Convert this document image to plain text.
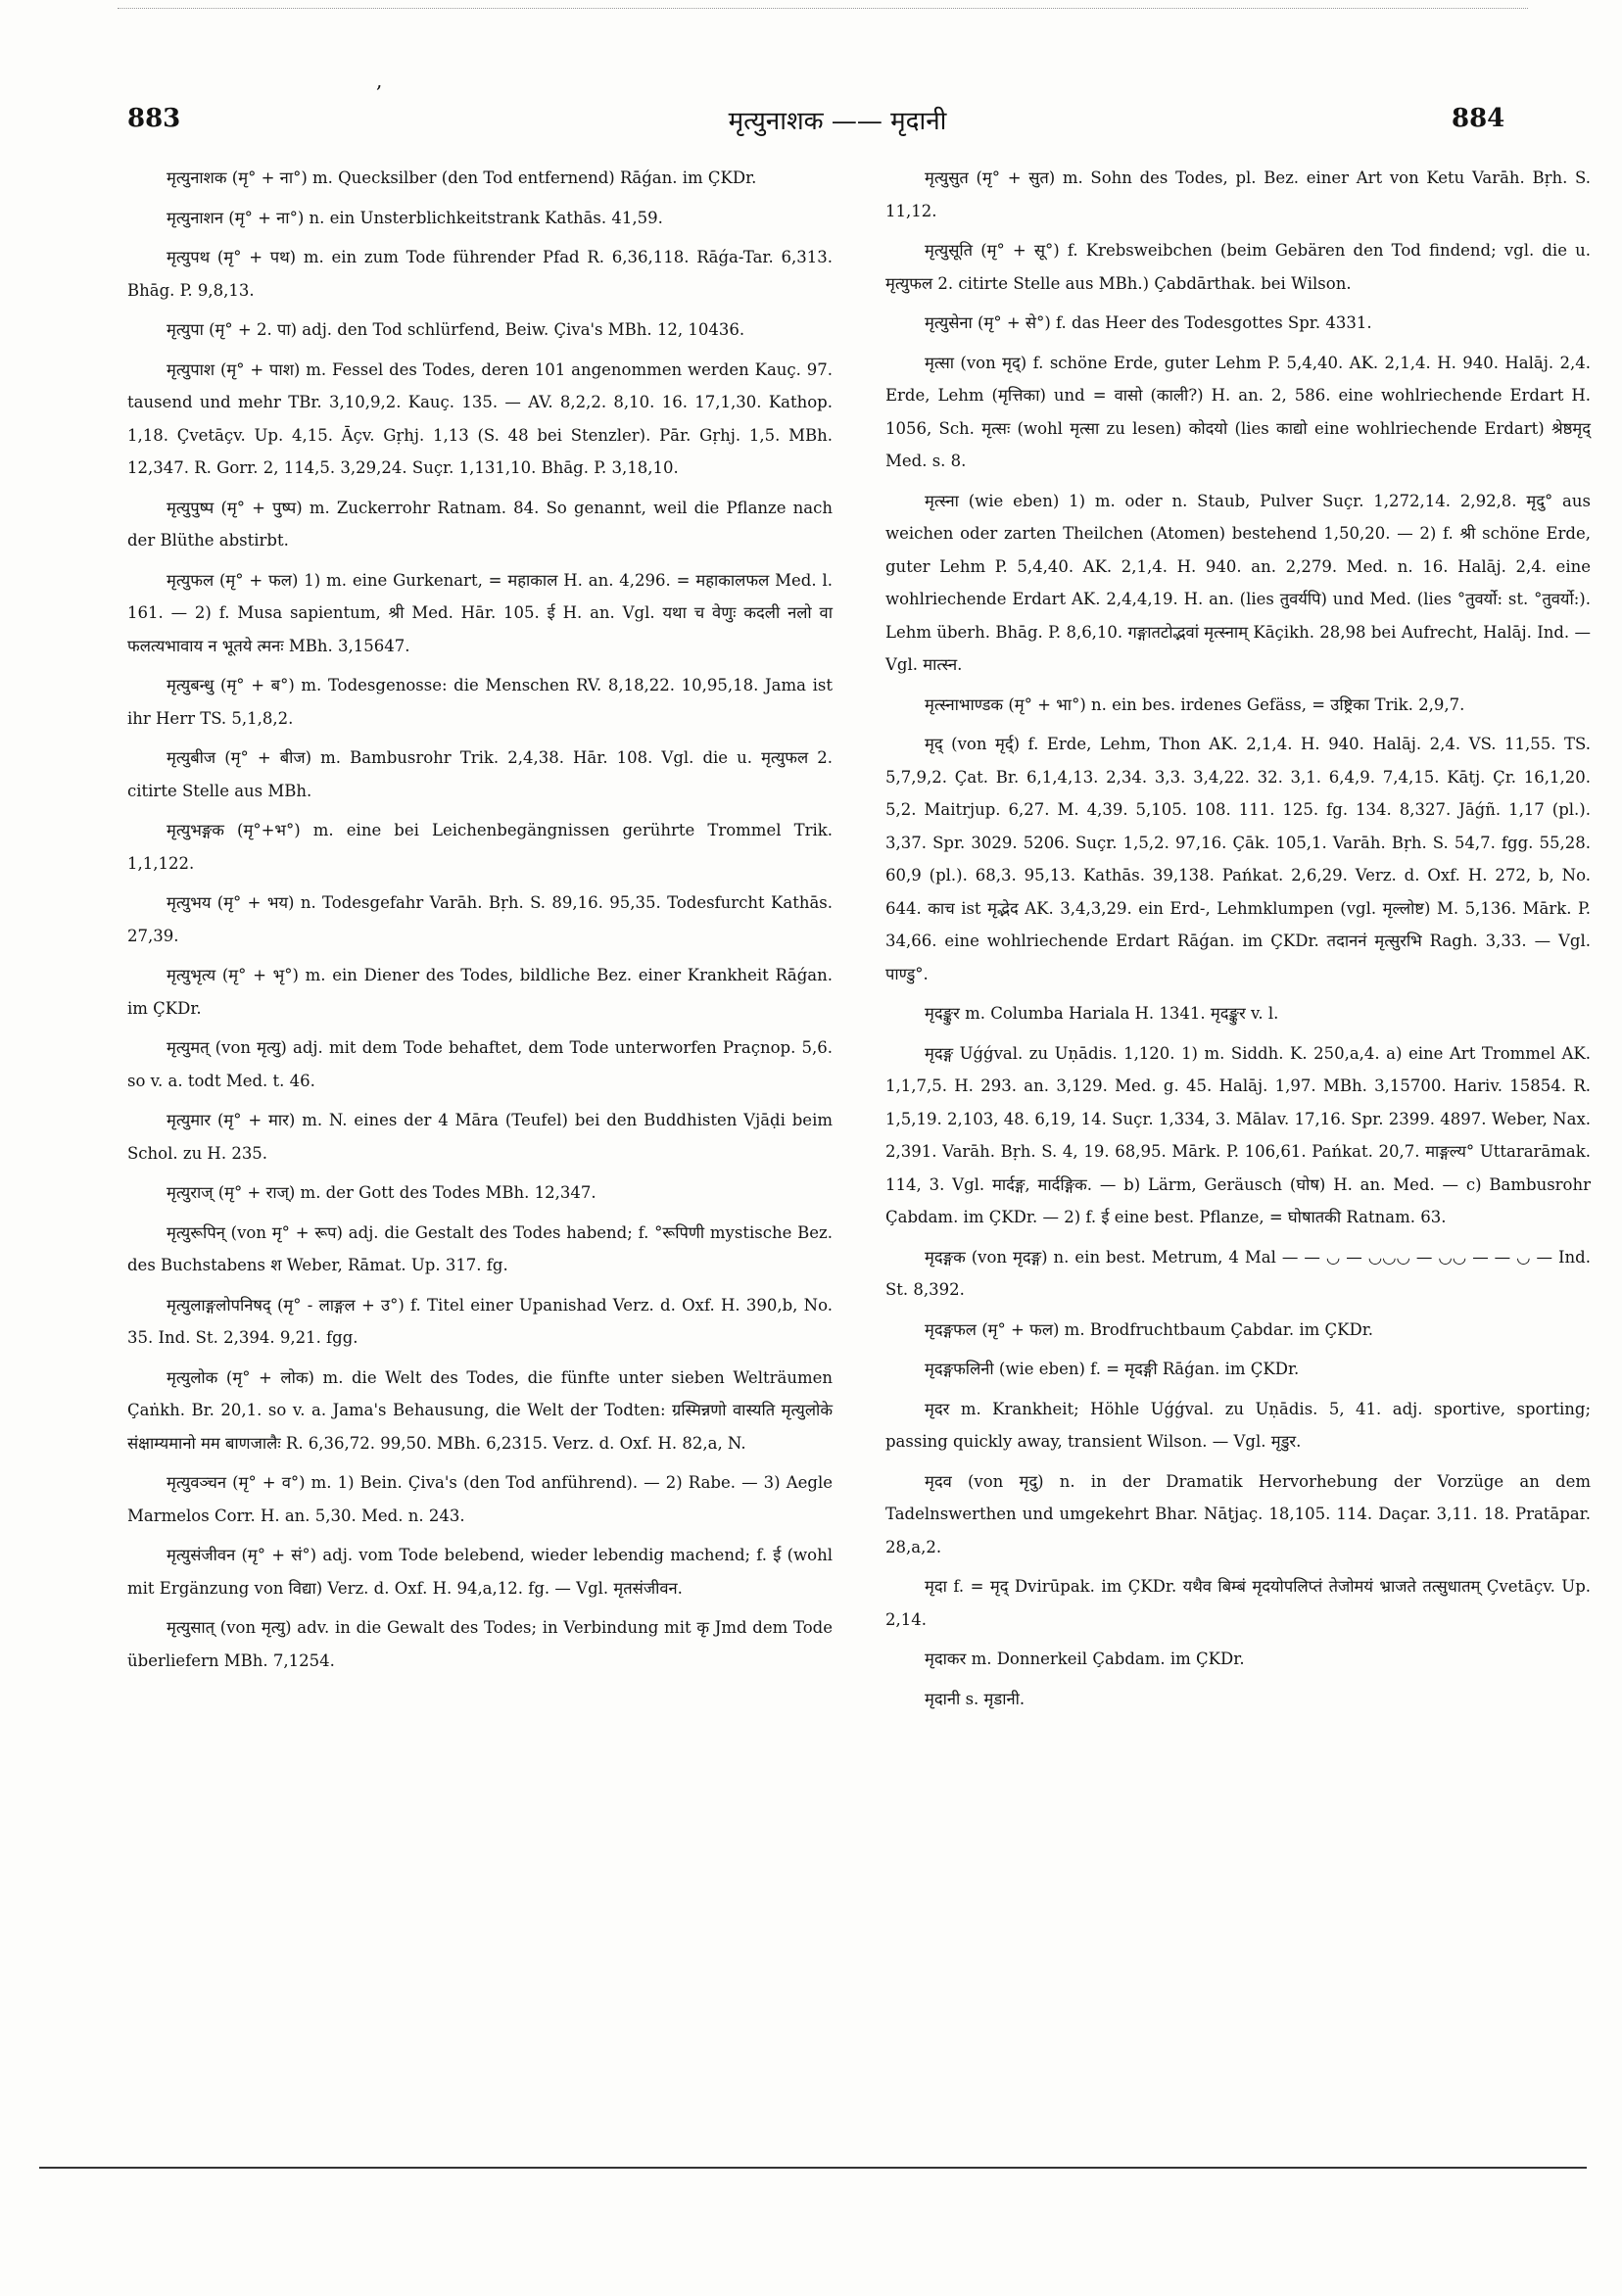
,
883	मृत्युनाशक —— मृदानी	884

मृत्युनाशक (मृ° + ना°) m. Quecksilber (den Tod entfernend) Rāǵan. im ÇKDr.

मृत्युनाशन (मृ° + ना°) n. ein Unsterblichkeitstrank Kathās. 41,59.

मृत्युपथ (मृ° + पथ) m. ein zum Tode führender Pfad R. 6,36,118. Rāǵa-Tar. 6,313. Bhāg. P. 9,8,13.

मृत्युपा (मृ° + 2. पा) adj. den Tod schlürfend, Beiw. Çiva's MBh. 12, 10436.

मृत्युपाश (मृ° + पाश) m. Fessel des Todes, deren 101 angenommen werden Kauç. 97. tausend und mehr TBr. 3,10,9,2. Kauç. 135. — AV. 8,2,2. 8,10. 16. 17,1,30. Kathop. 1,18. Çvetāçv. Up. 4,15. Āçv. Gṛhj. 1,13 (S. 48 bei Stenzler). Pār. Gṛhj. 1,5. MBh. 12,347. R. Gorr. 2, 114,5. 3,29,24. Suçr. 1,131,10. Bhāg. P. 3,18,10.

मृत्युपुष्प (मृ° + पुष्प) m. Zuckerrohr Ratnam. 84. So genannt, weil die Pflanze nach der Blüthe abstirbt.

मृत्युफल (मृ° + फल) 1) m. eine Gurkenart, = महाकाल H. an. 4,296. = महाकालफल Med. l. 161. — 2) f. Musa sapientum, श्री Med. Hār. 105. ई H. an. Vgl. यथा च वेणुः कदली नलो वा फलत्यभावाय न भूतये त्मनः MBh. 3,15647.

मृत्युबन्धु (मृ° + ब°) m. Todesgenosse: die Menschen RV. 8,18,22. 10,95,18. Jama ist ihr Herr TS. 5,1,8,2.

मृत्युबीज (मृ° + बीज) m. Bambusrohr Trik. 2,4,38. Hār. 108. Vgl. die u. मृत्युफल 2. citirte Stelle aus MBh.

मृत्युभङ्गक (मृ°+भ°) m. eine bei Leichenbegängnissen gerührte Trommel Trik. 1,1,122.

मृत्युभय (मृ° + भय) n. Todesgefahr Varāh. Bṛh. S. 89,16. 95,35. Todesfurcht Kathās. 27,39.

मृत्युभृत्य (मृ° + भृ°) m. ein Diener des Todes, bildliche Bez. einer Krankheit Rāǵan. im ÇKDr.

मृत्युमत् (von मृत्यु) adj. mit dem Tode behaftet, dem Tode unterworfen Praçnop. 5,6. so v. a. todt Med. t. 46.

मृत्युमार (मृ° + मार) m. N. eines der 4 Māra (Teufel) bei den Buddhisten Vjāḍi beim Schol. zu H. 235.

मृत्युराज् (मृ° + राज्) m. der Gott des Todes MBh. 12,347.

मृत्युरूपिन् (von मृ° + रूप) adj. die Gestalt des Todes habend; f. °रूपिणी mystische Bez. des Buchstabens श Weber, Rāmat. Up. 317. fg.

मृत्युलाङ्गलोपनिषद् (मृ° - लाङ्गल + उ°) f. Titel einer Upanishad Verz. d. Oxf. H. 390,b, No. 35. Ind. St. 2,394. 9,21. fgg.

मृत्युलोक (मृ° + लोक) m. die Welt des Todes, die fünfte unter sieben Welträumen Çaṅkh. Br. 20,1. so v. a. Jama's Behausung, die Welt der Todten: ग्रस्मिन्नणो वास्यति मृत्युलोके संक्षाम्यमानो मम बाणजालैः R. 6,36,72. 99,50. MBh. 6,2315. Verz. d. Oxf. H. 82,a, N.

मृत्युवञ्चन (मृ° + व°) m. 1) Bein. Çiva's (den Tod anführend). — 2) Rabe. — 3) Aegle Marmelos Corr. H. an. 5,30. Med. n. 243.

मृत्युसंजीवन (मृ° + सं°) adj. vom Tode belebend, wieder lebendig machend; f. ई (wohl mit Ergänzung von विद्या) Verz. d. Oxf. H. 94,a,12. fg. — Vgl. मृतसंजीवन.

मृत्युसात् (von मृत्यु) adv. in die Gewalt des Todes; in Verbindung mit कृ Jmd dem Tode überliefern MBh. 7,1254.

मृत्युसुत (मृ° + सुत) m. Sohn des Todes, pl. Bez. einer Art von Ketu Varāh. Bṛh. S. 11,12.

मृत्युसूति (मृ° + सू°) f. Krebsweibchen (beim Gebären den Tod findend; vgl. die u. मृत्युफल 2. citirte Stelle aus MBh.) Çabdārthak. bei Wilson.

मृत्युसेना (मृ° + से°) f. das Heer des Todesgottes Spr. 4331.

मृत्सा (von मृद्) f. schöne Erde, guter Lehm P. 5,4,40. AK. 2,1,4. H. 940. Halāj. 2,4. Erde, Lehm (मृत्तिका) und = वासो (काली?) H. an. 2, 586. eine wohlriechende Erdart H. 1056, Sch. मृत्सः (wohl मृत्सा zu lesen) कोदयो (lies काद्यो eine wohlriechende Erdart) श्रेष्ठमृद् Med. s. 8.

मृत्स्ना (wie eben) 1) m. oder n. Staub, Pulver Suçr. 1,272,14. 2,92,8. मृदु° aus weichen oder zarten Theilchen (Atomen) bestehend 1,50,20. — 2) f. श्री schöne Erde, guter Lehm P. 5,4,40. AK. 2,1,4. H. 940. an. 2,279. Med. n. 16. Halāj. 2,4. eine wohlriechende Erdart AK. 2,4,4,19. H. an. (lies तुवर्यपि) und Med. (lies °तुवर्यो: st. °तुवर्यो:). Lehm überh. Bhāg. P. 8,6,10. गङ्गातटोद्भवां मृत्स्नाम् Kāçikh. 28,98 bei Aufrecht, Halāj. Ind. — Vgl. मात्स्न.

मृत्स्नाभाण्डक (मृ° + भा°) n. ein bes. irdenes Gefäss, = उष्ट्रिका Trik. 2,9,7.

मृद् (von मृर्द्) f. Erde, Lehm, Thon AK. 2,1,4. H. 940. Halāj. 2,4. VS. 11,55. TS. 5,7,9,2. Çat. Br. 6,1,4,13. 2,34. 3,3. 3,4,22. 32. 3,1. 6,4,9. 7,4,15. Kātj. Çr. 16,1,20. 5,2. Maitrjup. 6,27. M. 4,39. 5,105. 108. 111. 125. fg. 134. 8,327. Jāǵñ. 1,17 (pl.). 3,37. Spr. 3029. 5206. Suçr. 1,5,2. 97,16. Çāk. 105,1. Varāh. Bṛh. S. 54,7. fgg. 55,28. 60,9 (pl.). 68,3. 95,13. Kathās. 39,138. Pańkat. 2,6,29. Verz. d. Oxf. H. 272, b, No. 644. काच ist मृद्भेद AK. 3,4,3,29. ein Erd-, Lehmklumpen (vgl. मृल्लोष्ट) M. 5,136. Mārk. P. 34,66. eine wohlriechende Erdart Rāǵan. im ÇKDr. तदाननं मृत्सुरभि Ragh. 3,33. — Vgl. पाण्डु°.

मृदङ्कुर m. Columba Hariala H. 1341. मृदङ्कुर v. l.

मृदङ्ग Uǵǵval. zu Uṇādis. 1,120. 1) m. Siddh. K. 250,a,4. a) eine Art Trommel AK. 1,1,7,5. H. 293. an. 3,129. Med. g. 45. Halāj. 1,97. MBh. 3,15700. Hariv. 15854. R. 1,5,19. 2,103, 48. 6,19, 14. Suçr. 1,334, 3. Mālav. 17,16. Spr. 2399. 4897. Weber, Nax. 2,391. Varāh. Bṛh. S. 4, 19. 68,95. Mārk. P. 106,61. Pańkat. 20,7. माङ्गल्य° Uttararāmak. 114, 3. Vgl. मार्दङ्ग, मार्दङ्गिक. — b) Lärm, Geräusch (घोष) H. an. Med. — c) Bambusrohr Çabdam. im ÇKDr. — 2) f. ई eine best. Pflanze, = घोषातकी Ratnam. 63.

मृदङ्गक (von मृदङ्ग) n. ein best. Metrum, 4 Mal — — ◡ — ◡◡◡ — ◡◡ — — ◡ — Ind. St. 8,392.

मृदङ्गफल (मृ° + फल) m. Brodfruchtbaum Çabdar. im ÇKDr.

मृदङ्गफलिनी (wie eben) f. = मृदङ्गी Rāǵan. im ÇKDr.

मृदर m. Krankheit; Höhle Uǵǵval. zu Uṇādis. 5, 41. adj. sportive, sporting; passing quickly away, transient Wilson. — Vgl. मृडुर.

मृदव (von मृदु) n. in der Dramatik Hervorhebung der Vorzüge an dem Tadelnswerthen und umgekehrt Bhar. Nāṭjaç. 18,105. 114. Daçar. 3,11. 18. Pratāpar. 28,a,2.

मृदा f. = मृद् Dvirūpak. im ÇKDr. यथैव बिम्बं मृदयोपलिप्तं तेजोमयं भ्राजते तत्सुधातम् Çvetāçv. Up. 2,14.

मृदाकर m. Donnerkeil Çabdam. im ÇKDr.

मृदानी s. मृडानी.
